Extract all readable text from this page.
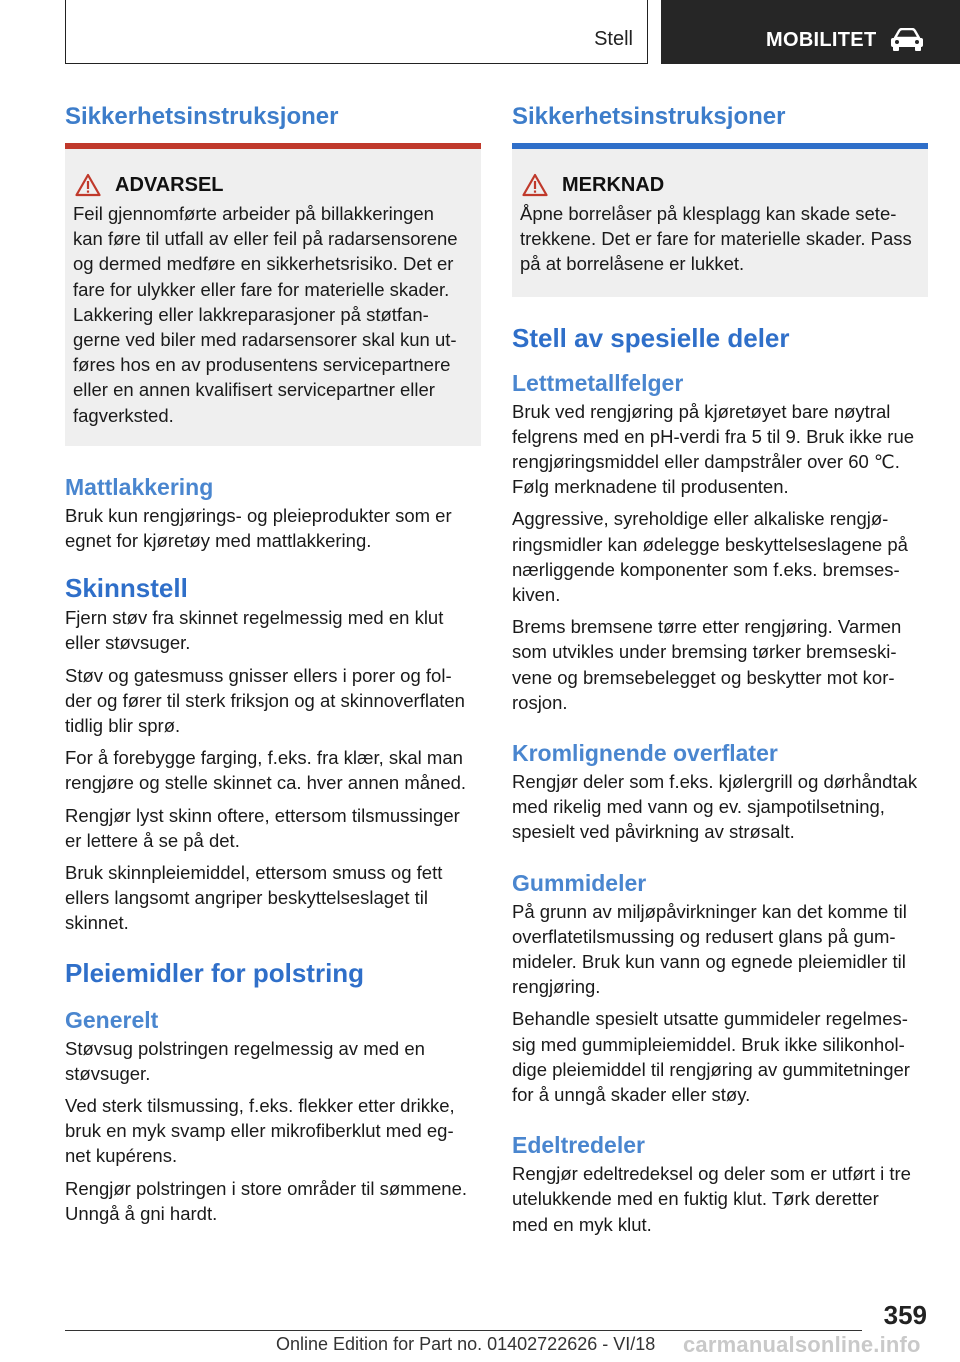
Stell	MOBILITET
Sikkerhetsinstruksjoner
ADVARSEL

Feil gjennomførte arbeider på billakkeringen
kan føre til utfall av eller feil på radarsensorene
og dermed medføre en sikkerhetsrisiko. Det er
fare for ulykker eller fare for materielle skader.
Lakkering eller lakkreparasjoner på støtfan-
gerne ved biler med radarsensorer skal kun ut-
føres hos en av produsentens servicepartnere
eller en annen kvalifisert servicepartner eller
fagverksted.

Mattlakkering

Bruk kun rengjørings- og pleieprodukter som er
egnet for kjøretøy med mattlakkering.

Skinnstell

Fjern støv fra skinnet regelmessig med en klut
eller støvsuger.

Støv og gatesmuss gnisser ellers i porer og fol-
der og fører til sterk friksjon og at skinnoverflaten
tidlig blir sprø.

For å forebygge farging, f.eks. fra klær, skal man
rengjøre og stelle skinnet ca. hver annen måned.

Rengjør lyst skinn oftere, ettersom tilsmussinger
er lettere å se på det.

Bruk skinnpleiemiddel, ettersom smuss og fett
ellers langsomt angriper beskyttelseslaget til
skinnet.

Pleiemidler for polstring
Generelt

Støvsug polstringen regelmessig av med en
støvsuger.

Ved sterk tilsmussing, f.eks. flekker etter drikke,
bruk en myk svamp eller mikrofiberklut med eg-
net kupérens.

Rengjør polstringen i store områder til sømmene.
Unngå å gni hardt.

Sikkerhetsinstruksjoner
MERKNAD

Åpne borrelåser på klesplagg kan skade sete-
trekkene. Det er fare for materielle skader. Pass
på at borrelåsene er lukket.

Stell av spesielle deler
Lettmetallfelger

Bruk ved rengjøring på kjøretøyet bare nøytral
felgrens med en pH-verdi fra 5 til 9. Bruk ikke rue
rengjøringsmiddel eller dampstråler over 60 ℃.
Følg merknadene til produsenten.

Aggressive, syreholdige eller alkaliske rengjø-
ringsmidler kan ødelegge beskyttelseslagene på
nærliggende komponenter som f.eks. bremses-
kiven.

Brems bremsene tørre etter rengjøring. Varmen
som utvikles under bremsing tørker bremseski-
vene og bremsebelegget og beskytter mot kor-
rosjon.

Kromlignende overflater

Rengjør deler som f.eks. kjølergrill og dørhåndtak
med rikelig med vann og ev. sjampotilsetning,
spesielt ved påvirkning av strøsalt.

Gummideler

På grunn av miljøpåvirkninger kan det komme til
overflatetilsmussing og redusert glans på gum-
mideler. Bruk kun vann og egnede pleiemidler til
rengjøring.

Behandle spesielt utsatte gummideler regelmes-
sig med gummipleiemiddel. Bruk ikke silikonhol-
dige pleiemiddel til rengjøring av gummitetninger
for å unngå skader eller støy.

Edeltredeler

Rengjør edeltredeksel og deler som er utført i tre
utelukkende med en fuktig klut. Tørk deretter
med en myk klut.

359
Online Edition for Part no. 01402722626 - VI/18 carmanualsonline.info
